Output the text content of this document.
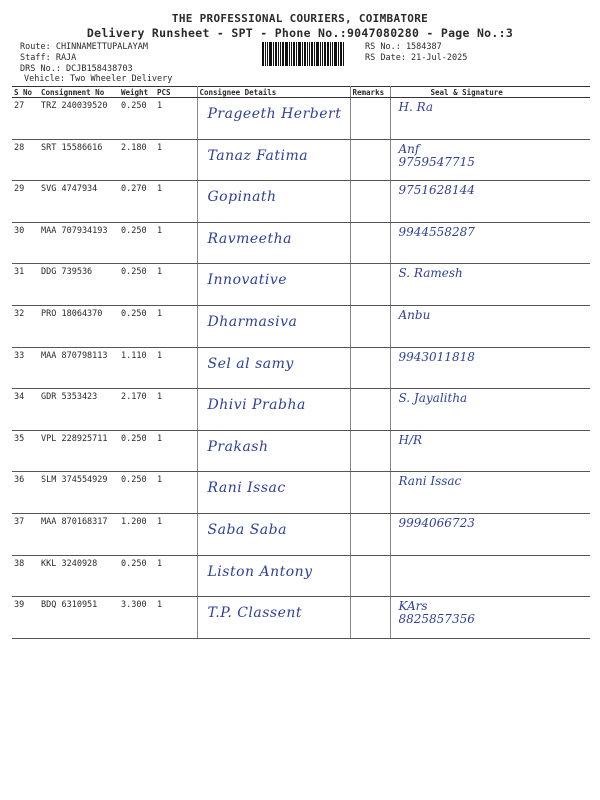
THE PROFESSIONAL COURIERS, COIMBATORE
Delivery Runsheet - SPT - Phone No.:9047080280 - Page No.:3
Route: CHINNAMETTUPALAYAM
Staff: RAJA
DRS No.: DCJB158438703
Vehicle: Two Wheeler Delivery
RS No.: 1584387
RS Date: 21-Jul-2025
S No	Consignment No	Weight	PCS	Consignee Details	Remarks	Seal & Signature
27	TRZ 240039520	0.250	1	Prageeth Herbert		H. Ra

28	SRT 15586616	2.180	1	Tanaz Fatima		Anf
9759547715

29	SVG 4747934	0.270	1	Gopinath		9751628144

30	MAA 707934193	0.250	1	Ravmeetha		9944558287

31	DDG 739536	0.250	1	Innovative		S. Ramesh

32	PRO 18064370	0.250	1	Dharmasiva		Anbu

33	MAA 870798113	1.110	1	Sel al samy		9943011818

34	GDR 5353423	2.170	1	Dhivi Prabha		S. Jayalitha

35	VPL 228925711	0.250	1	Prakash		H/R

36	SLM 374554929	0.250	1	Rani Issac		Rani Issac

37	MAA 870168317	1.200	1	Saba Saba		9994066723

38	KKL 3240928	0.250	1	Liston Antony		

39	BDQ 6310951	3.300	1	T.P. Classent		KArs
8825857356
